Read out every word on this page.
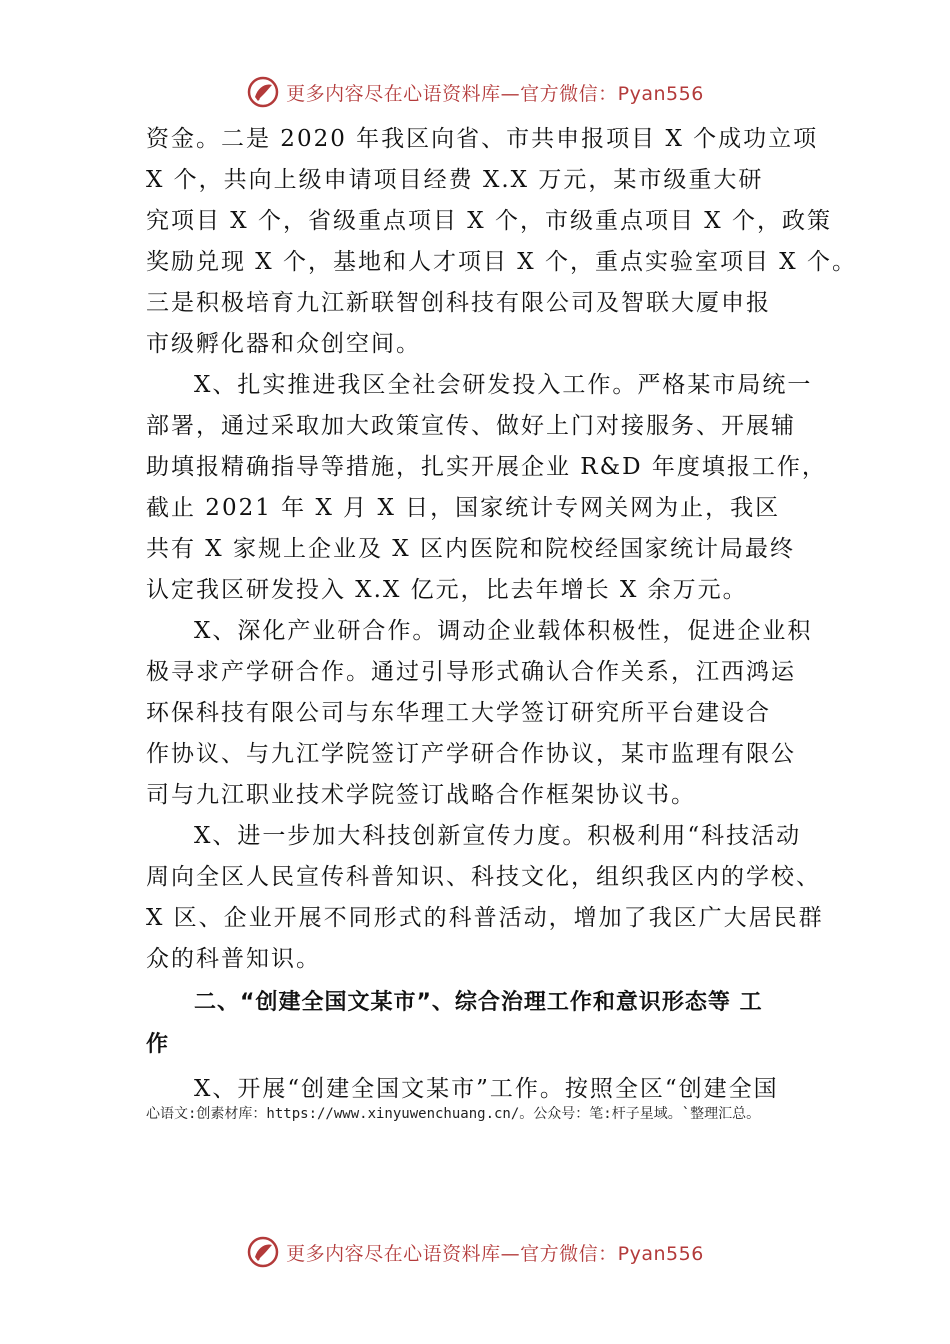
更多内容尽在心语资料库—官方微信：Pyan556
资金。二是 2020 年我区向省、市共申报项目 X 个成功立项
X 个，共向上级申请项目经费 X.X 万元，某市级重大研
究项目 X 个，省级重点项目 X 个，市级重点项目 X 个，政策
奖励兑现 X 个，基地和人才项目 X 个，重点实验室项目 X 个。
三是积极培育九江新联智创科技有限公司及智联大厦申报
市级孵化器和众创空间。
X、扎实推进我区全社会研发投入工作。严格某市局统一
部署，通过采取加大政策宣传、做好上门对接服务、开展辅
助填报精确指导等措施，扎实开展企业 R&D 年度填报工作，
截止 2021 年 X 月 X 日，国家统计专网关网为止，我区
共有 X 家规上企业及 X 区内医院和院校经国家统计局最终
认定我区研发投入 X.X 亿元，比去年增长 X 余万元。
X、深化产业研合作。调动企业载体积极性，促进企业积
极寻求产学研合作。通过引导形式确认合作关系，江西鸿运
环保科技有限公司与东华理工大学签订研究所平台建设合
作协议、与九江学院签订产学研合作协议，某市监理有限公
司与九江职业技术学院签订战略合作框架协议书。
X、进一步加大科技创新宣传力度。积极利用“科技活动
周向全区人民宣传科普知识、科技文化，组织我区内的学校、
X 区、企业开展不同形式的科普活动，增加了我区广大居民群
众的科普知识。
二、“创建全国文某市”、综合治理工作和意识形态等 工
作
X、开展“创建全国文某市”工作。按照全区“创建全国
心语文:创素材库：https://www.xinyuwenchuang.cn/。公众号：笔:杆子星域。`整理汇总。
更多内容尽在心语资料库—官方微信：Pyan556
